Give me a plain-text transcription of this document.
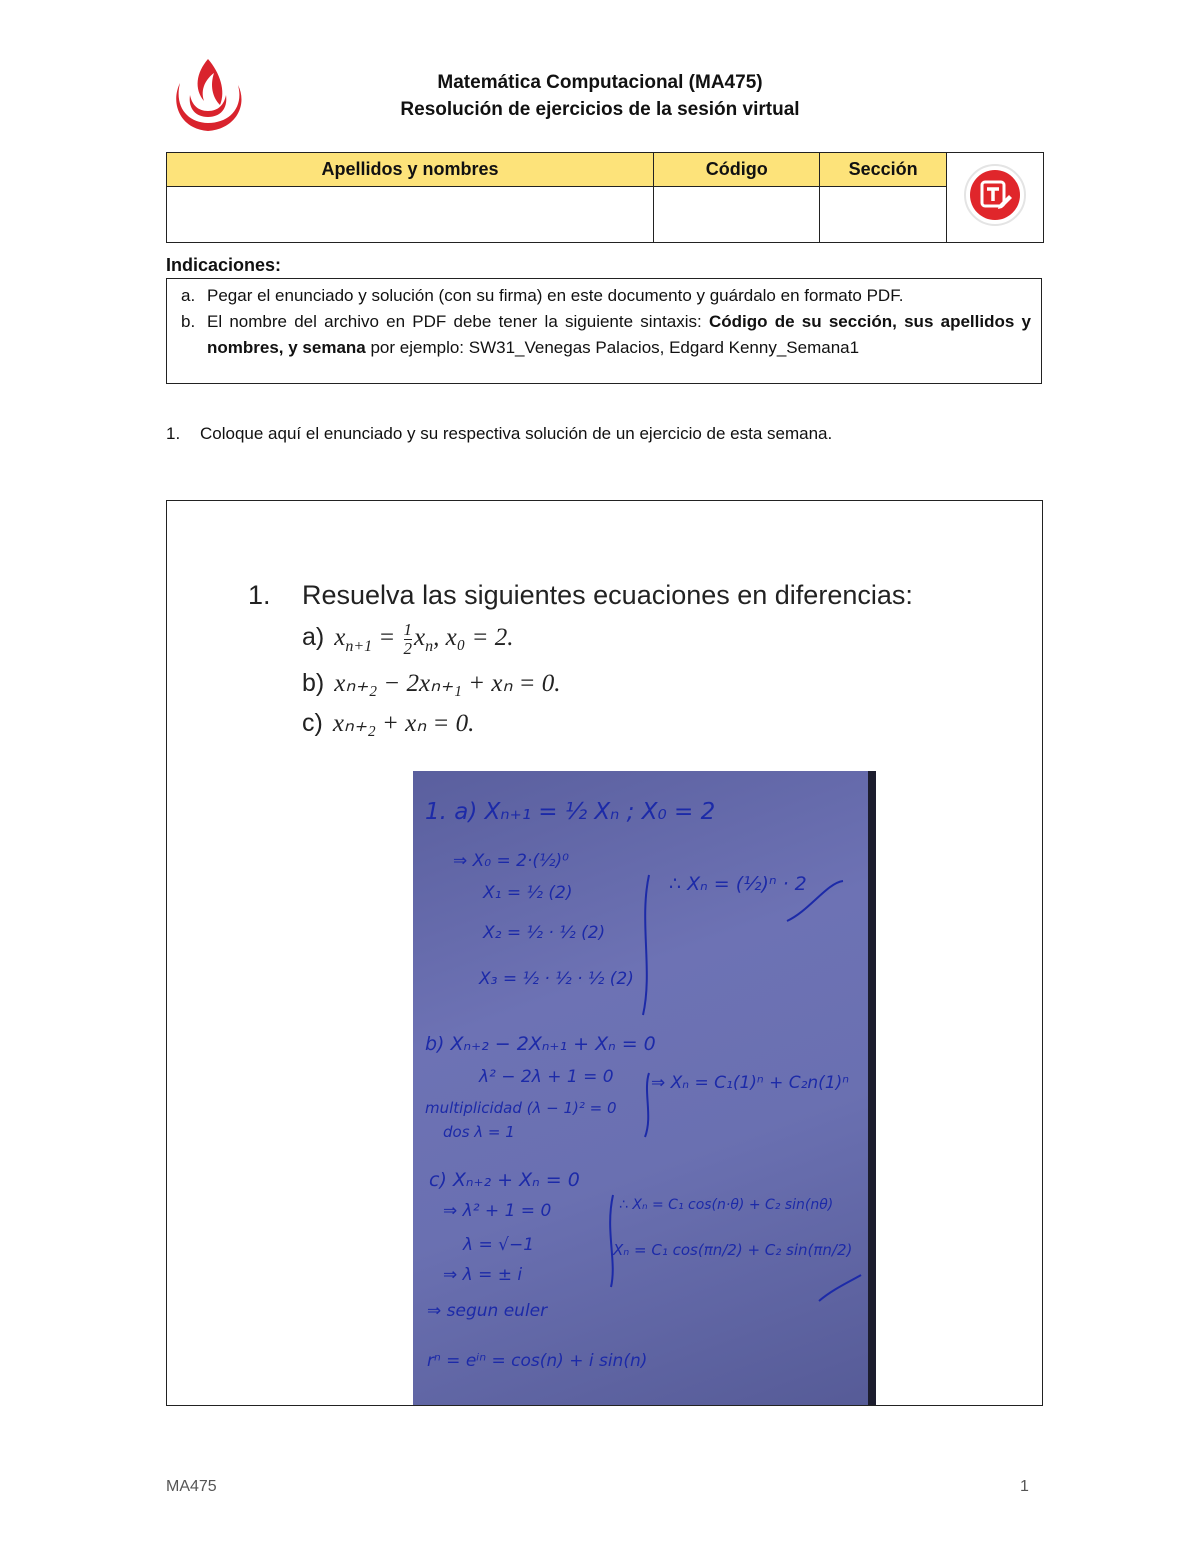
Matemática Computacional (MA475)
Resolución de ejercicios de la sesión virtual
Apellidos y nombres	Código	Sección	

Indicaciones:
a. Pegar el enunciado y solución (con su firma) en este documento y guárdalo en formato PDF.
b. El nombre del archivo en PDF debe tener la siguiente sintaxis: Código de su sección, sus apellidos y nombres, y semana por ejemplo: SW31_Venegas Palacios, Edgard Kenny_Semana1
1. Coloque aquí el enunciado y su respectiva solución de un ejercicio de esta semana.
1. Resuelva las siguientes ecuaciones en diferencias:
a) $x_{n+1} = \frac{1}{2} x_n$, x₀ = 2.
b) xₙ₊₂ − 2xₙ₊₁ + xₙ = 0.
c) xₙ₊₂ + xₙ = 0.
1. a) Xₙ₊₁ = ½ Xₙ ; X₀ = 2
⇒ X₀ = 2·(½)⁰
X₁ = ½ (2)
X₂ = ½ · ½ (2)
X₃ = ½ · ½ · ½ (2)
∴ Xₙ = (½)ⁿ · 2
b) Xₙ₊₂ − 2Xₙ₊₁ + Xₙ = 0
λ² − 2λ + 1 = 0
multiplicidad (λ − 1)² = 0
dos λ = 1
⇒ Xₙ = C₁(1)ⁿ + C₂n(1)ⁿ
c) Xₙ₊₂ + Xₙ = 0
⇒ λ² + 1 = 0
λ = √−1
⇒ λ = ± i
∴ Xₙ = C₁ cos(n·θ) + C₂ sin(nθ)
Xₙ = C₁ cos(πn/2) + C₂ sin(πn/2)
⇒ segun euler
rⁿ = eⁱⁿ = cos(n) + i sin(n)
MA475	1
